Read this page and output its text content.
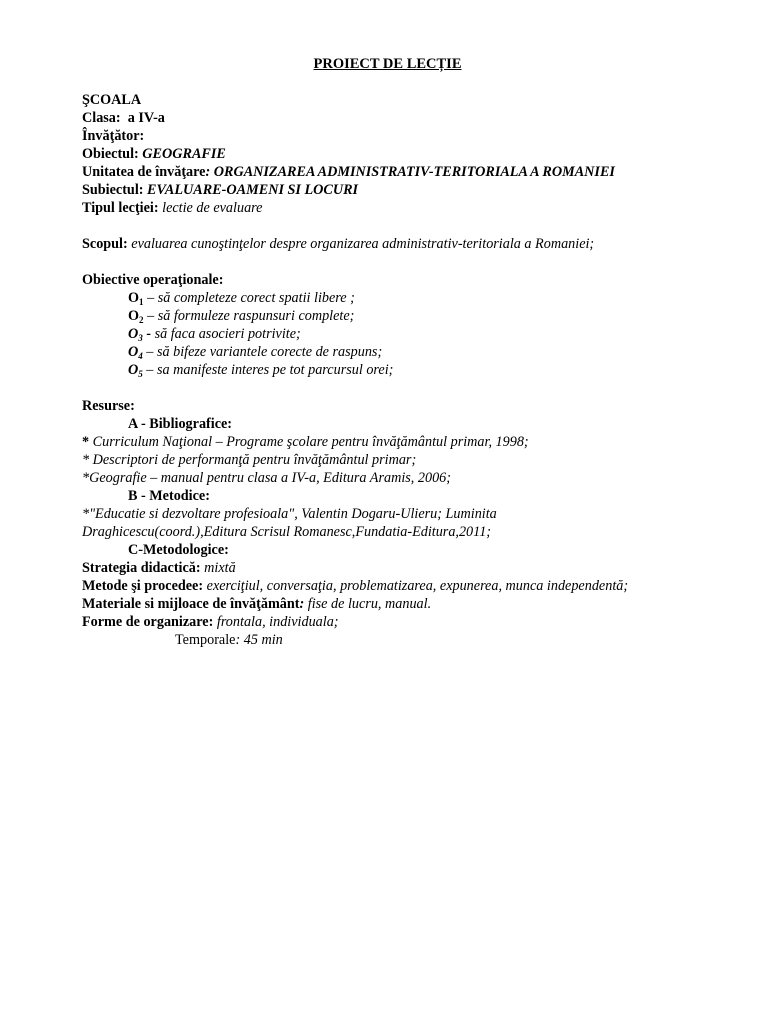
PROIECT DE LECȚIE
ŞCOALA
Clasa: a IV-a
Învăţător:
Obiectul: GEOGRAFIE
Unitatea de învăţare: ORGANIZAREA ADMINISTRATIV-TERITORIALA A ROMANIEI
Subiectul: EVALUARE-OAMENI SI LOCURI
Tipul lecţiei: lectie de evaluare
Scopul: evaluarea cunoştinţelor despre organizarea administrativ-teritoriala a Romaniei;
Obiective operaţionale:
$O_1$ – să completeze corect spatii libere ;
$O_2$ – să formuleze raspunsuri complete;
$O_3$ - să faca asocieri potrivite;
$O_4$ – să bifeze variantele corecte de raspuns;
$O_5$ – sa manifeste interes pe tot parcursul orei;
Resurse:
A - Bibliografice:
* Curriculum Naţional – Programe şcolare pentru învăţământul primar, 1998;
* Descriptori de performanţă pentru învăţământul primar;
*Geografie – manual pentru clasa a IV-a, Editura Aramis, 2006;
B - Metodice:
*"Educatie si dezvoltare profesioala", Valentin Dogaru-Ulieru; Luminita
Draghicescu(coord.),Editura Scrisul Romanesc,Fundatia-Editura,2011;
C-Metodologice:
Strategia didactică: mixtă
Metode şi procedee: exerciţiul, conversaţia, problematizarea, expunerea, munca independentă;
Materiale si mijloace de învăţământ: fise de lucru, manual.
Forme de organizare: frontala, individuala;
Temporale: 45 min
